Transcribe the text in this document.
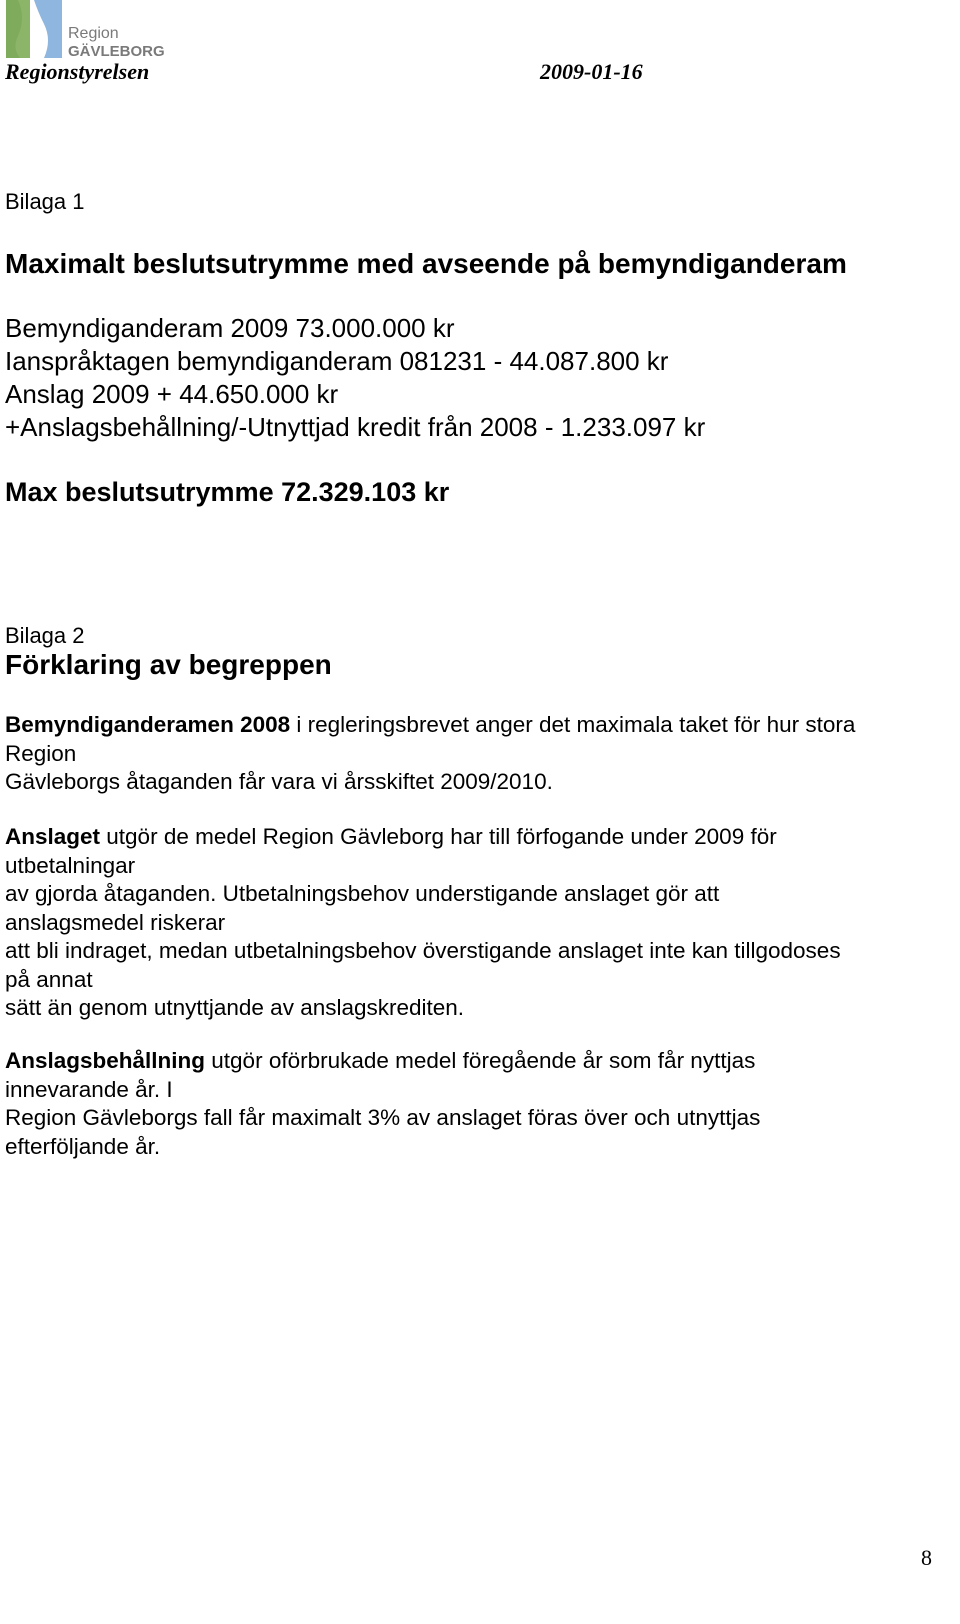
Region
GÄVLEBORG
Regionstyrelsen	2009-01-16
Bilaga 1
Maximalt beslutsutrymme med avseende på bemyndiganderam
Bemyndiganderam 2009 73.000.000 kr
Ianspråktagen bemyndiganderam 081231 - 44.087.800 kr
Anslag 2009 + 44.650.000 kr
+Anslagsbehållning/-Utnyttjad kredit från 2008 - 1.233.097 kr
Max beslutsutrymme 72.329.103 kr
Bilaga 2
Förklaring av begreppen
Bemyndiganderamen 2008 i regleringsbrevet anger det maximala taket för hur stora
Region
Gävleborgs åtaganden får vara vi årsskiftet 2009/2010.
Anslaget utgör de medel Region Gävleborg har till förfogande under 2009 för
utbetalningar
av gjorda åtaganden. Utbetalningsbehov understigande anslaget gör att
anslagsmedel riskerar
att bli indraget, medan utbetalningsbehov överstigande anslaget inte kan tillgodoses
på annat
sätt än genom utnyttjande av anslagskrediten.
Anslagsbehållning utgör oförbrukade medel föregående år som får nyttjas
innevarande år. I
Region Gävleborgs fall får maximalt 3% av anslaget föras över och utnyttjas
efterföljande år.
8
